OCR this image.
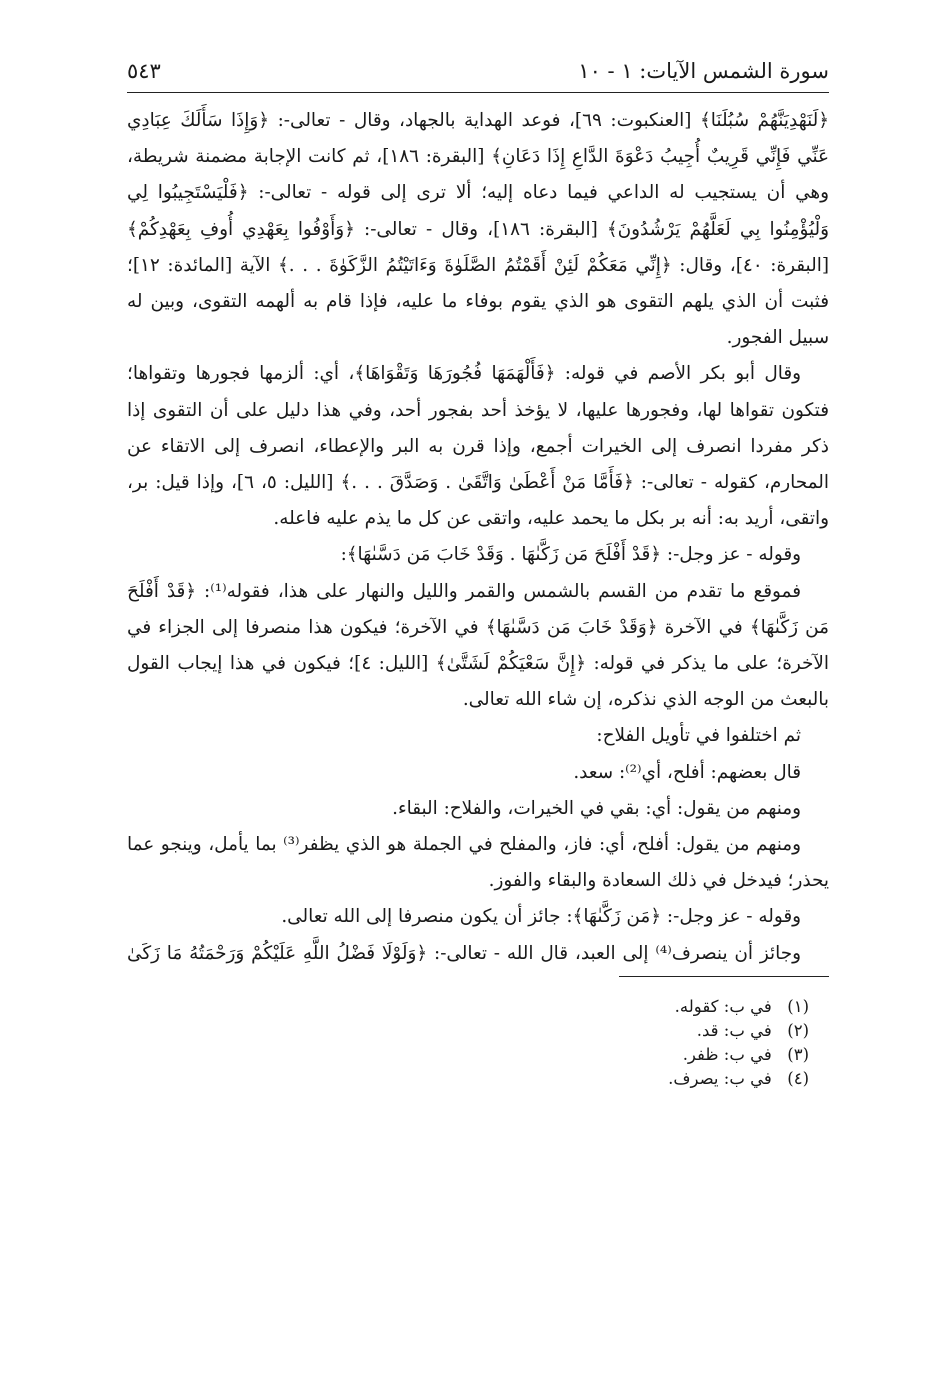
سورة الشمس الآيات: ١ - ١٠
٥٤٣

﴿لَنَهْدِيَنَّهُمْ سُبُلَنَا﴾ [العنكبوت: ٦٩]، فوعد الهداية بالجهاد، وقال - تعالى-: ﴿وَإِذَا سَأَلَكَ عِبَادِي عَنِّي فَإِنِّي قَرِيبٌ أُجِيبُ دَعْوَةَ الدَّاعِ إِذَا دَعَانِ﴾ [البقرة: ١٨٦]، ثم كانت الإجابة مضمنة شريطة، وهي أن يستجيب له الداعي فيما دعاه إليه؛ ألا ترى إلى قوله - تعالى-: ﴿فَلْيَسْتَجِيبُوا لِي وَلْيُؤْمِنُوا بِي لَعَلَّهُمْ يَرْشُدُونَ﴾ [البقرة: ١٨٦]، وقال - تعالى-: ﴿وَأَوْفُوا بِعَهْدِي أُوفِ بِعَهْدِكُمْ﴾ [البقرة: ٤٠]، وقال: ﴿إِنِّي مَعَكُمْ لَئِنْ أَقَمْتُمُ الصَّلَوٰةَ وَءَاتَيْتُمُ الزَّكَوٰةَ . . .﴾ الآية [المائدة: ١٢]؛ فثبت أن الذي يلهم التقوى هو الذي يقوم بوفاء ما عليه، فإذا قام به ألهمه التقوى، وبين له سبيل الفجور.

وقال أبو بكر الأصم في قوله: ﴿فَأَلْهَمَهَا فُجُورَهَا وَتَقْوَاهَا﴾، أي: ألزمها فجورها وتقواها؛ فتكون تقواها لها، وفجورها عليها، لا يؤخذ أحد بفجور أحد، وفي هذا دليل على أن التقوى إذا ذكر مفردا انصرف إلى الخيرات أجمع، وإذا قرن به البر والإعطاء، انصرف إلى الاتقاء عن المحارم، كقوله - تعالى-: ﴿فَأَمَّا مَنْ أَعْطَىٰ وَاتَّقَىٰ . وَصَدَّقَ . . .﴾ [الليل: ٥، ٦]، وإذا قيل: بر، واتقى، أريد به: أنه بر بكل ما يحمد عليه، واتقى عن كل ما يذم عليه فاعله.

وقوله - عز وجل-: ﴿قَدْ أَفْلَحَ مَن زَكَّىٰهَا . وَقَدْ خَابَ مَن دَسَّىٰهَا﴾:

فموقع ما تقدم من القسم بالشمس والقمر والليل والنهار على هذا، فقوله⁽¹⁾: ﴿قَدْ أَفْلَحَ مَن زَكَّىٰهَا﴾ في الآخرة ﴿وَقَدْ خَابَ مَن دَسَّىٰهَا﴾ في الآخرة؛ فيكون هذا منصرفا إلى الجزاء في الآخرة؛ على ما يذكر في قوله: ﴿إِنَّ سَعْيَكُمْ لَشَتَّىٰ﴾ [الليل: ٤]؛ فيكون في هذا إيجاب القول بالبعث من الوجه الذي نذكره، إن شاء الله تعالى.

ثم اختلفوا في تأويل الفلاح:

قال بعضهم: أفلح، أي⁽²⁾: سعد.

ومنهم من يقول: أي: بقي في الخيرات، والفلاح: البقاء.

ومنهم من يقول: أفلح، أي: فاز، والمفلح في الجملة هو الذي يظفر⁽³⁾ بما يأمل، وينجو عما يحذر؛ فيدخل في ذلك السعادة والبقاء والفوز.

وقوله - عز وجل-: ﴿مَن زَكَّىٰهَا﴾: جائز أن يكون منصرفا إلى الله تعالى.

وجائز أن ينصرف⁽⁴⁾ إلى العبد، قال الله - تعالى-: ﴿وَلَوْلَا فَضْلُ اللَّهِ عَلَيْكُمْ وَرَحْمَتُهُ مَا زَكَىٰ

(١) في ب: كقوله.
(٢) في ب: قد.
(٣) في ب: ظفر.
(٤) في ب: يصرف.
